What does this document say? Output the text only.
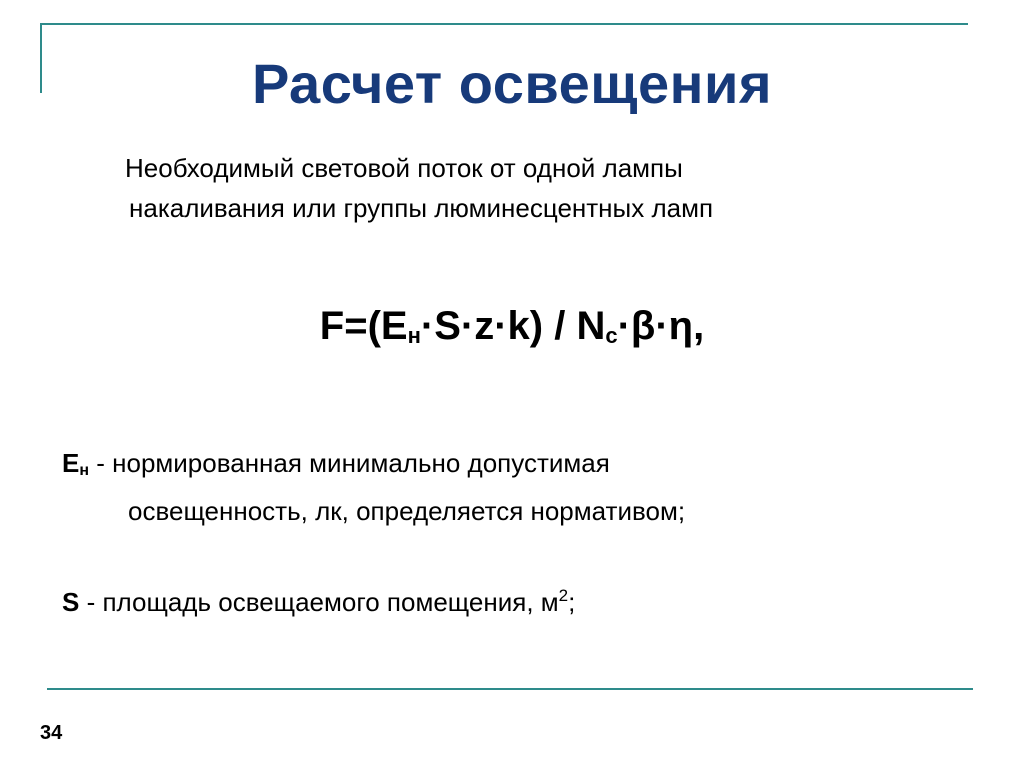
Расчет освещения
Необходимый световой поток от одной лампы
накаливания или группы люминесцентных ламп
$F=(E_н\cdot S\cdot z\cdot k) / N_с\cdot\beta\cdot\eta$,
$E_н$ - нормированная минимально допустимая
освещенность, лк, определяется нормативом;
S - площадь освещаемого помещения, $м^2$;
34
